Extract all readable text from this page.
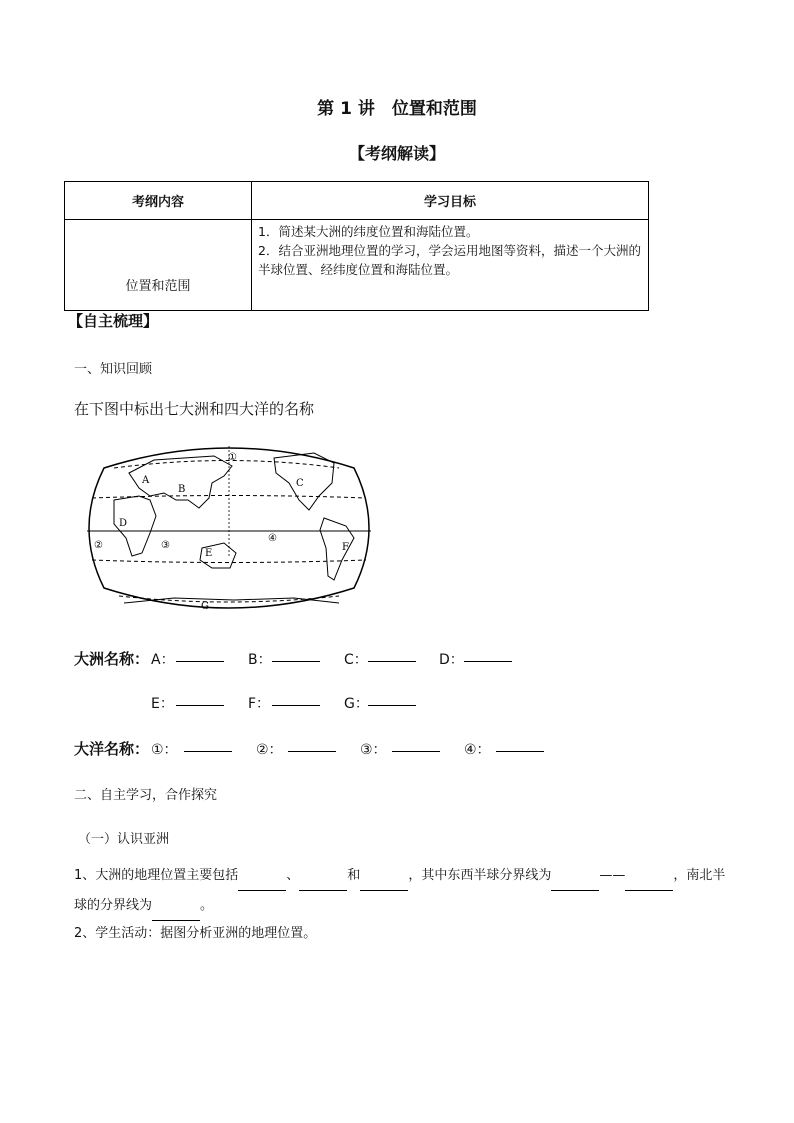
第 1 讲　位置和范围
【考纲解读】
考纲内容	学习目标
位置和范围	1．简述某大洲的纬度位置和海陆位置。
2．结合亚洲地理位置的学习，学会运用地图等资料，描述一个大洲的半球位置、经纬度位置和海陆位置。
【自主梳理】
一、知识回顾
在下图中标出七大洲和四大洋的名称
A
B
C
D
E
F
G
①
②	③
④
大洲名称： A：	B：	C：	D：
E：	F：	G：
大洋名称： ①：	②：	③：	④：
二、自主学习，合作探究
（一）认识亚洲
1、大洲的地理位置主要包括	、	和	，其中东西半球分界线为	——	，南北半球的分界线为	。
2、学生活动：据图分析亚洲的地理位置。
